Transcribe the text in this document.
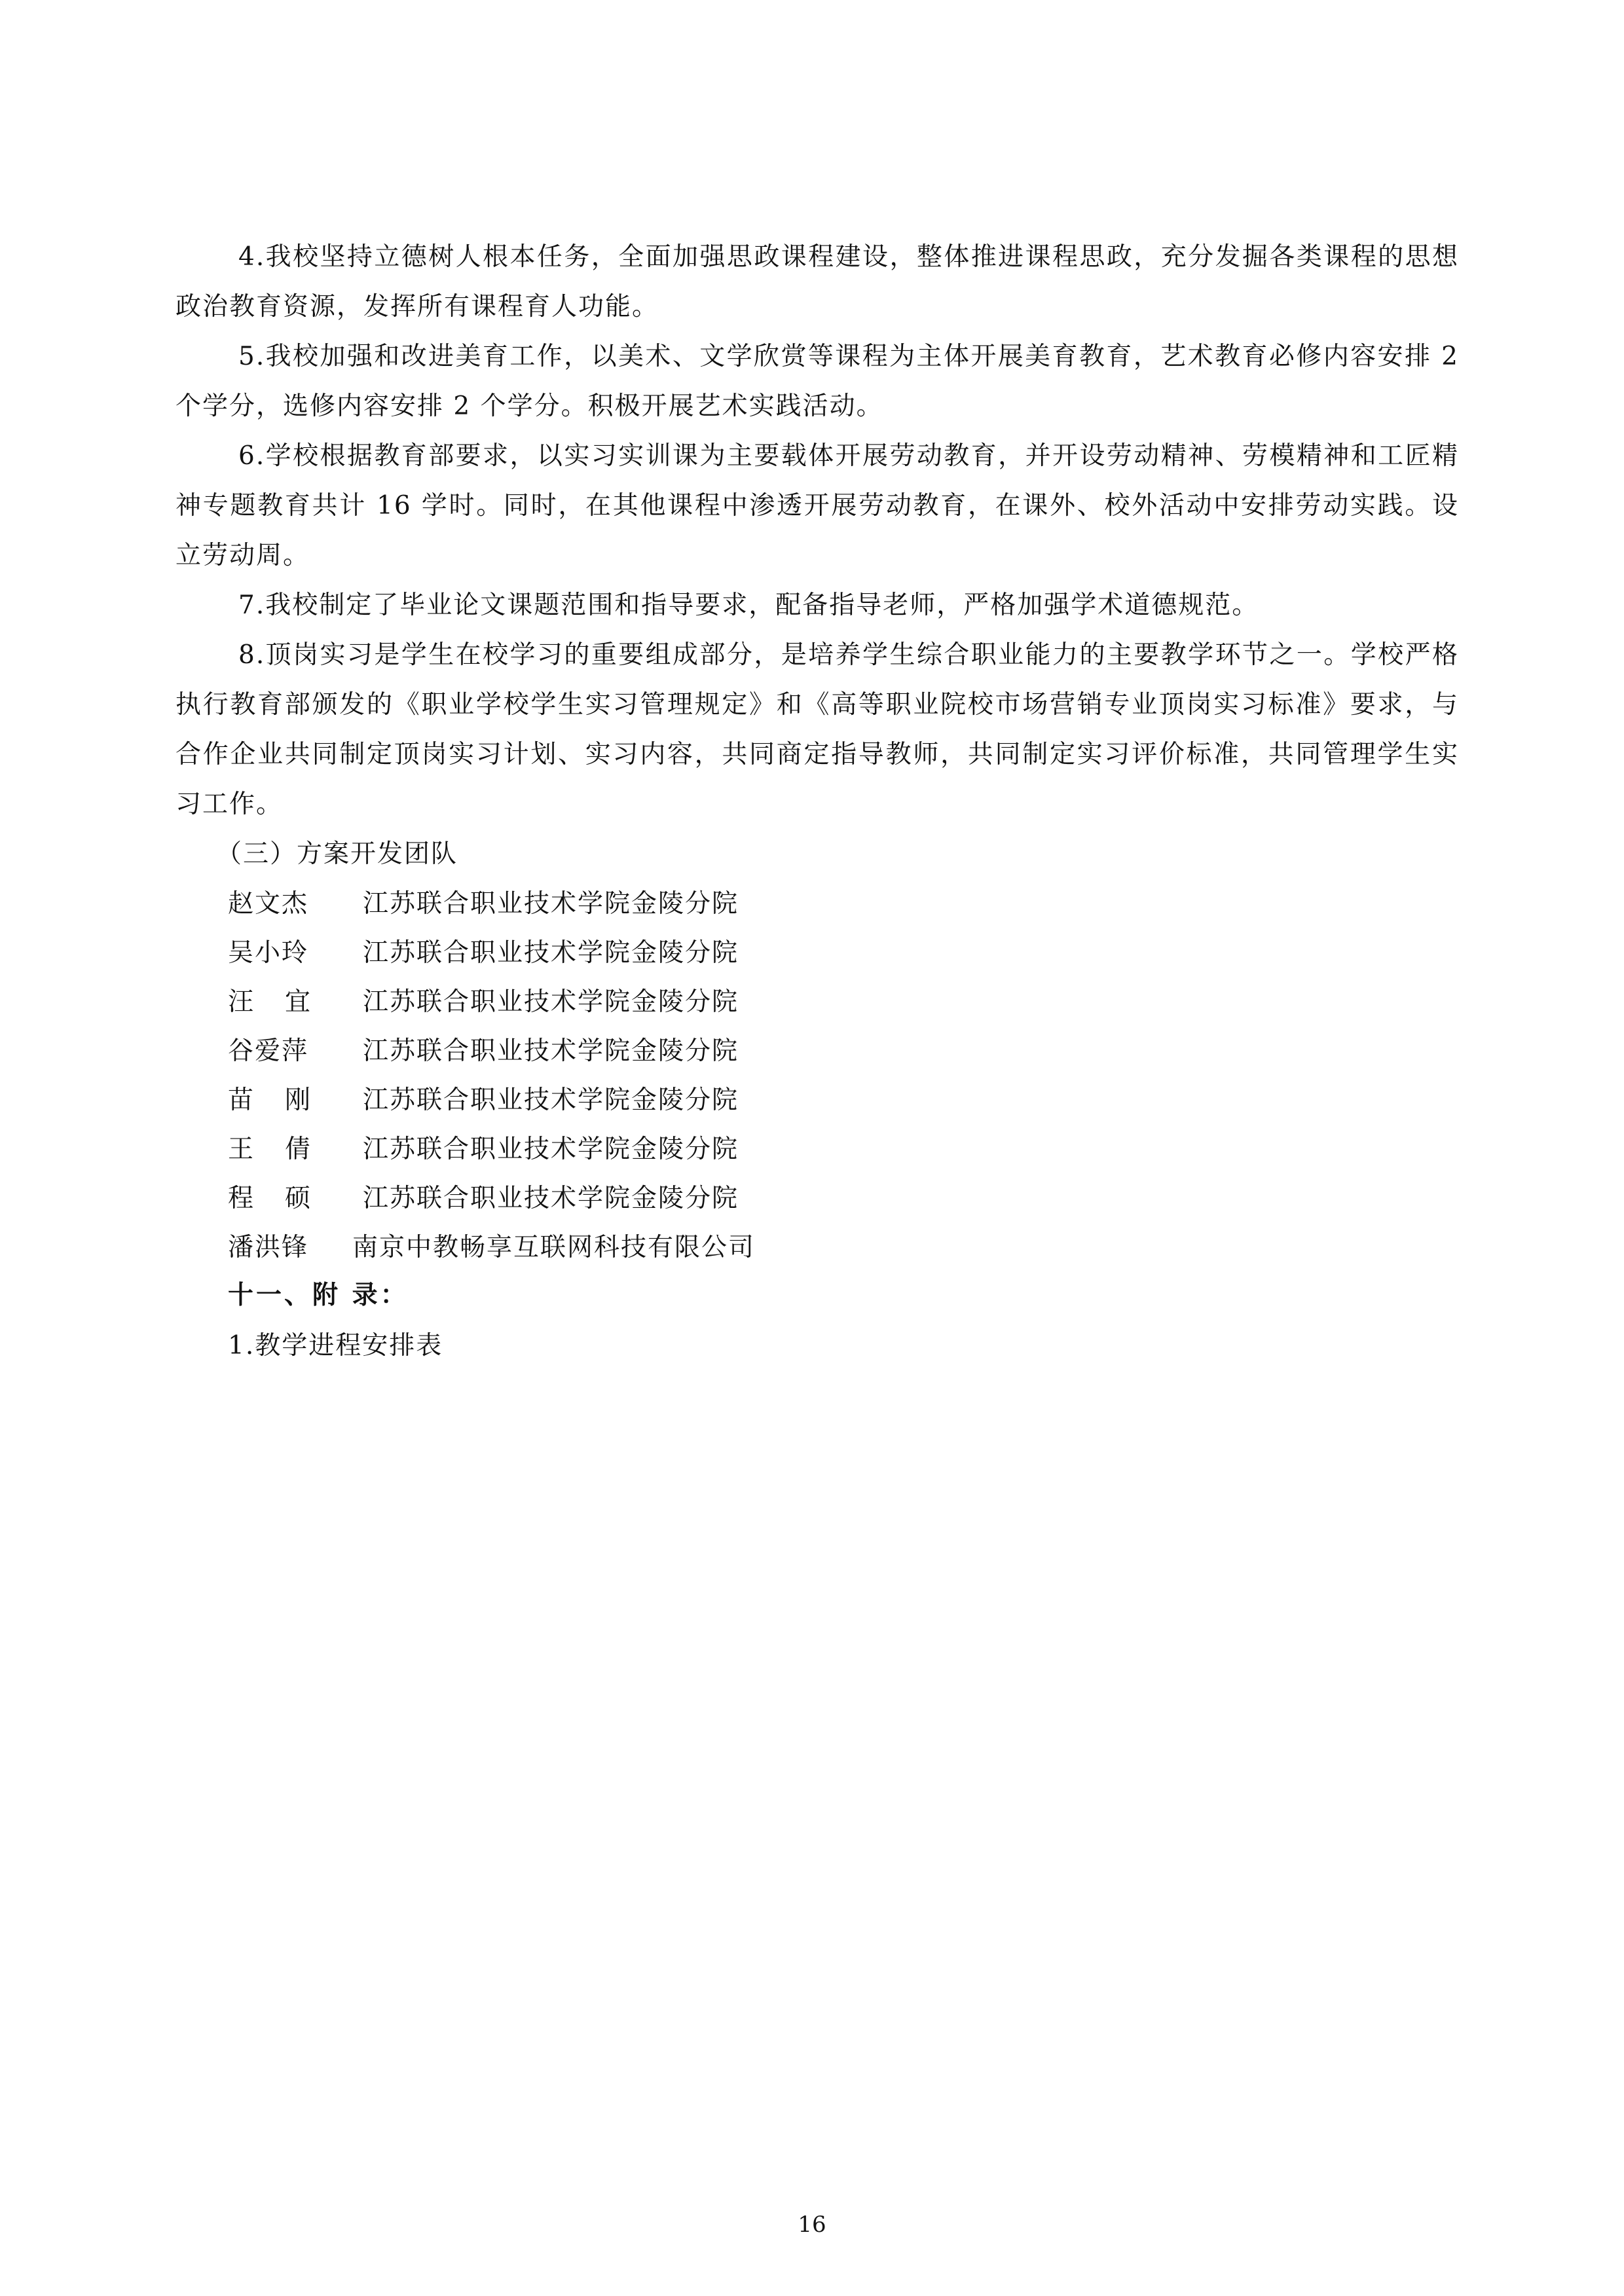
4.我校坚持立德树人根本任务，全面加强思政课程建设，整体推进课程思政，充分发掘各类课程的思想政治教育资源，发挥所有课程育人功能。

5.我校加强和改进美育工作，以美术、文学欣赏等课程为主体开展美育教育，艺术教育必修内容安排 2 个学分，选修内容安排 2 个学分。积极开展艺术实践活动。

6.学校根据教育部要求，以实习实训课为主要载体开展劳动教育，并开设劳动精神、劳模精神和工匠精神专题教育共计 16 学时。同时，在其他课程中渗透开展劳动教育，在课外、校外活动中安排劳动实践。设立劳动周。

7.我校制定了毕业论文课题范围和指导要求，配备指导老师，严格加强学术道德规范。

8.顶岗实习是学生在校学习的重要组成部分，是培养学生综合职业能力的主要教学环节之一。学校严格执行教育部颁发的《职业学校学生实习管理规定》和《高等职业院校市场营销专业顶岗实习标准》要求，与合作企业共同制定顶岗实习计划、实习内容，共同商定指导教师，共同制定实习评价标准，共同管理学生实习工作。

（三）方案开发团队

赵文杰	江苏联合职业技术学院金陵分院
吴小玲	江苏联合职业技术学院金陵分院
汪宜 江苏联合职业技术学院金陵分院
谷爱萍	江苏联合职业技术学院金陵分院
苗刚 江苏联合职业技术学院金陵分院
王倩 江苏联合职业技术学院金陵分院
程硕 江苏联合职业技术学院金陵分院
潘洪锋	南京中教畅享互联网科技有限公司

十一、附 录：

1.教学进程安排表

16
